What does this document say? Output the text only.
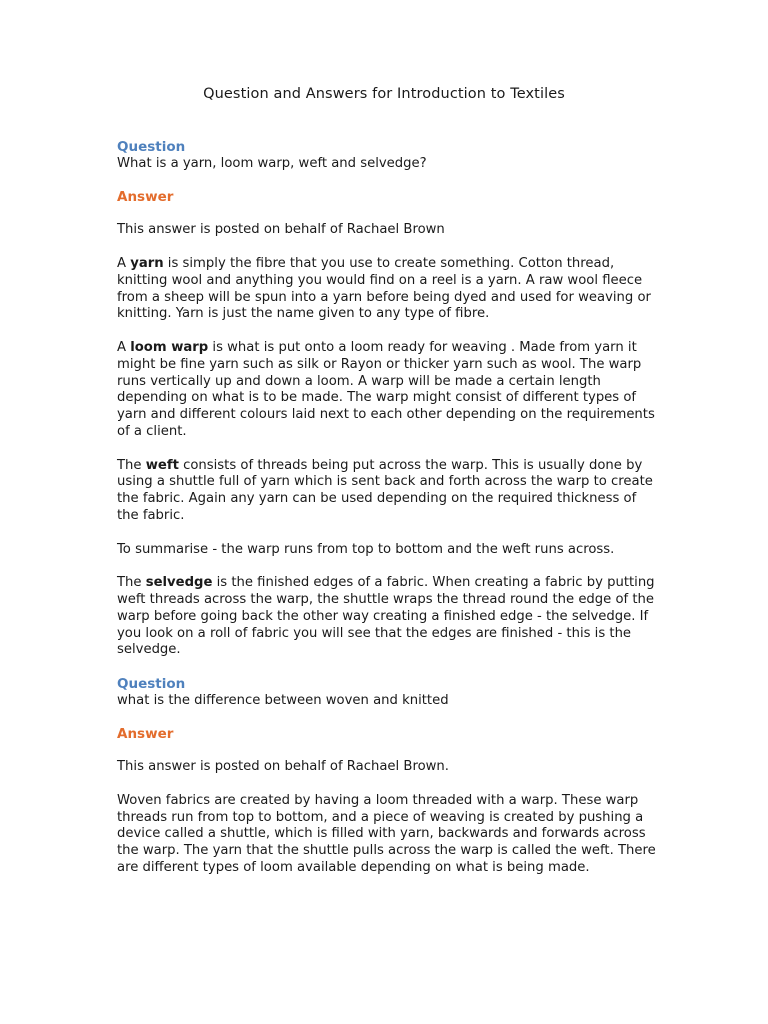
Question and Answers for Introduction to Textiles

Question

What is a yarn, loom warp, weft and selvedge?

Answer

This answer is posted on behalf of Rachael Brown

A yarn is simply the fibre that you use to create something. Cotton thread, knitting wool and anything you would find on a reel is a yarn. A raw wool fleece from a sheep will be spun into a yarn before being dyed and used for weaving or knitting. Yarn is just the name given to any type of fibre.

A loom warp is what is put onto a loom ready for weaving . Made from yarn it might be fine yarn such as silk or Rayon or thicker yarn such as wool. The warp runs vertically up and down a loom. A warp will be made a certain length depending on what is to be made. The warp might consist of different types of yarn and different colours laid next to each other depending on the requirements of a client.

The weft consists of threads being put across the warp. This is usually done by using a shuttle full of yarn which is sent back and forth across the warp to create the fabric. Again any yarn can be used depending on the required thickness of the fabric.

To summarise - the warp runs from top to bottom and the weft runs across.

The selvedge is the finished edges of a fabric. When creating a fabric by putting weft threads across the warp, the shuttle wraps the thread round the edge of the warp before going back the other way creating a finished edge - the selvedge. If you look on a roll of fabric you will see that the edges are finished - this is the selvedge.

Question

what is the difference between woven and knitted

Answer

This answer is posted on behalf of Rachael Brown.

Woven fabrics are created by having a loom threaded with a warp. These warp threads run from top to bottom, and a piece of weaving is created by pushing a device called a shuttle, which is filled with yarn, backwards and forwards across the warp. The yarn that the shuttle pulls across the warp is called the weft. There are different types of loom available depending on what is being made.
